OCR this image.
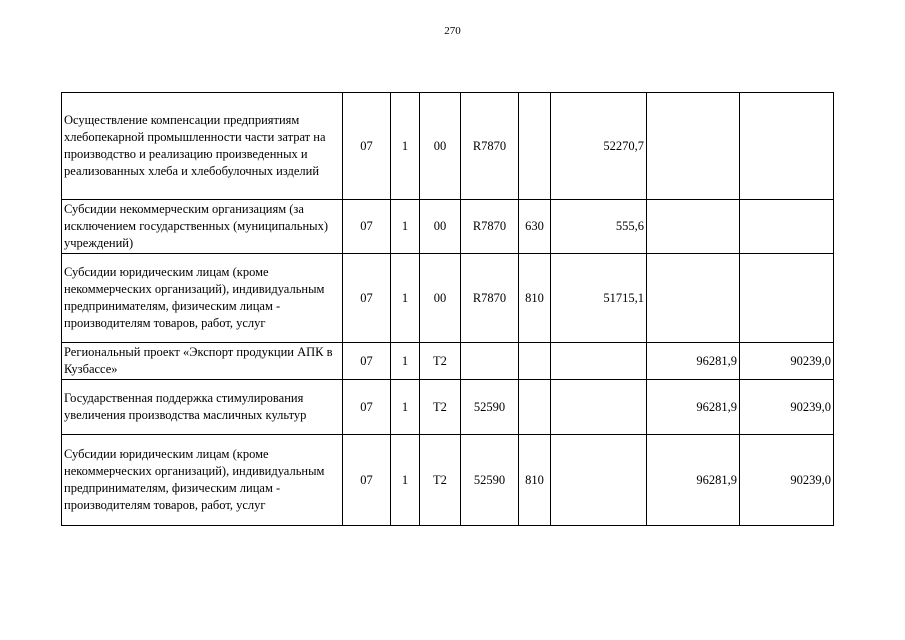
270
Осуществление компенсации предприятиям хлебопекарной промышленности части затрат на производство и реализацию произведенных и реализованных хлеба и хлебобулочных изделий	07	1	00	R7870		52270,7		
Субсидии некоммерческим организациям (за исключением государственных (муниципальных) учреждений)	07	1	00	R7870	630	555,6		
Субсидии юридическим лицам (кроме некоммерческих организаций), индивидуальным предпринимателям, физическим лицам - производителям товаров, работ, услуг	07	1	00	R7870	810	51715,1		
Региональный проект «Экспорт продукции АПК в Кузбассе»	07	1	T2				96281,9	90239,0
Государственная поддержка стимулирования увеличения производства масличных культур	07	1	T2	52590			96281,9	90239,0
Субсидии юридическим лицам (кроме некоммерческих организаций), индивидуальным предпринимателям, физическим лицам - производителям товаров, работ, услуг	07	1	T2	52590	810		96281,9	90239,0
